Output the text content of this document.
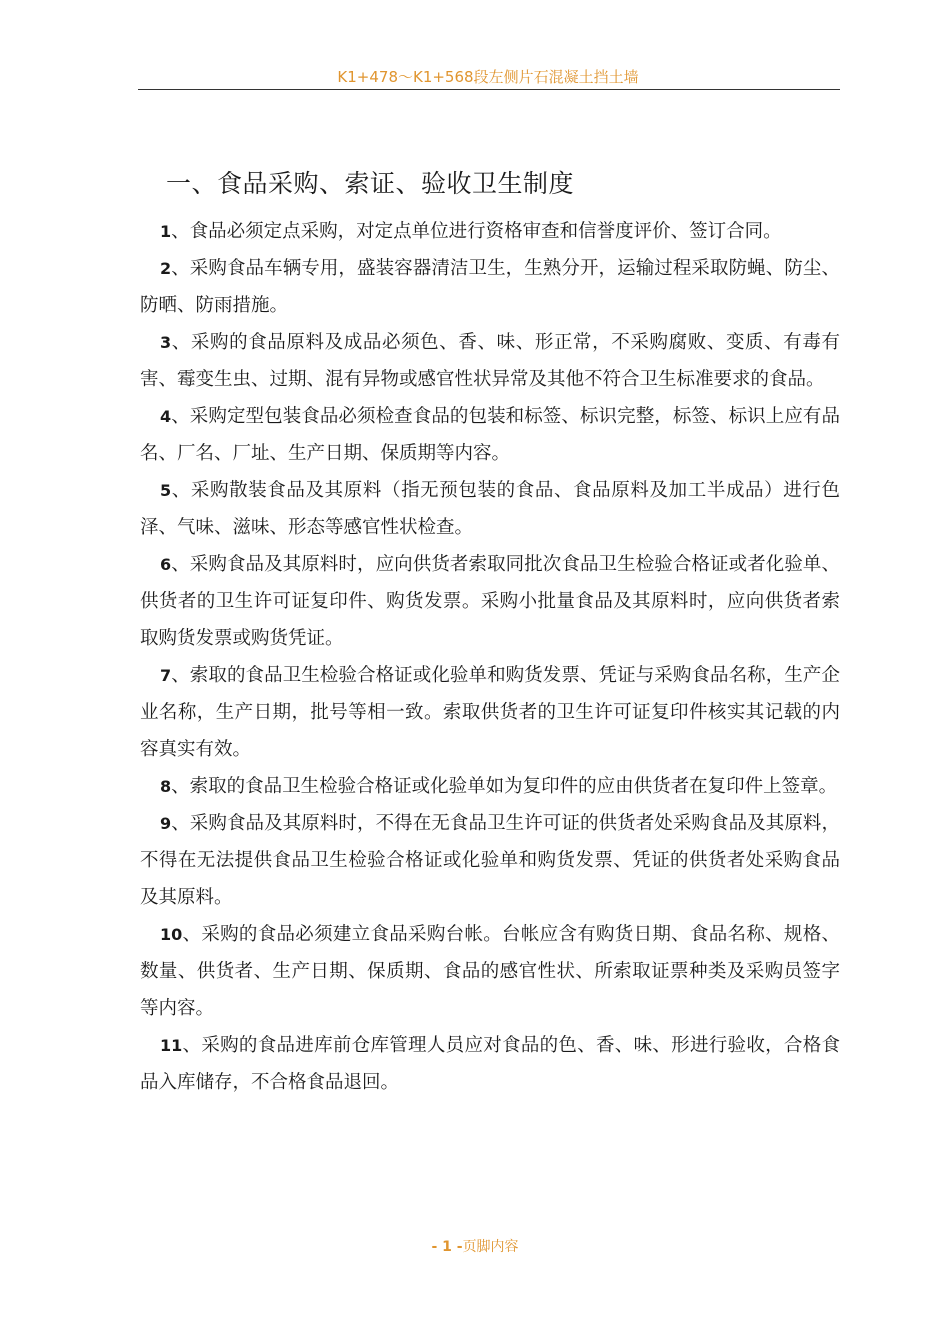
K1+478～K1+568段左侧片石混凝土挡土墙
一、食品采购、索证、验收卫生制度

1、食品必须定点采购，对定点单位进行资格审查和信誉度评价、签订合同。

2、采购食品车辆专用，盛装容器清洁卫生，生熟分开，运输过程采取防蝇、防尘、防晒、防雨措施。

3、采购的食品原料及成品必须色、香、味、形正常，不采购腐败、变质、有毒有害、霉变生虫、过期、混有异物或感官性状异常及其他不符合卫生标准要求的食品。

4、采购定型包装食品必须检查食品的包装和标签、标识完整，标签、标识上应有品名、厂名、厂址、生产日期、保质期等内容。

5、采购散装食品及其原料（指无预包装的食品、食品原料及加工半成品）进行色泽、气味、滋味、形态等感官性状检查。

6、采购食品及其原料时，应向供货者索取同批次食品卫生检验合格证或者化验单、供货者的卫生许可证复印件、购货发票。采购小批量食品及其原料时，应向供货者索取购货发票或购货凭证。

7、索取的食品卫生检验合格证或化验单和购货发票、凭证与采购食品名称，生产企业名称，生产日期，批号等相一致。索取供货者的卫生许可证复印件核实其记载的内容真实有效。

8、索取的食品卫生检验合格证或化验单如为复印件的应由供货者在复印件上签章。

9、采购食品及其原料时，不得在无食品卫生许可证的供货者处采购食品及其原料，不得在无法提供食品卫生检验合格证或化验单和购货发票、凭证的供货者处采购食品及其原料。

10、采购的食品必须建立食品采购台帐。台帐应含有购货日期、食品名称、规格、数量、供货者、生产日期、保质期、食品的感官性状、所索取证票种类及采购员签字等内容。

11、采购的食品进库前仓库管理人员应对食品的色、香、味、形进行验收，合格食品入库储存，不合格食品退回。

- 1 -页脚内容
